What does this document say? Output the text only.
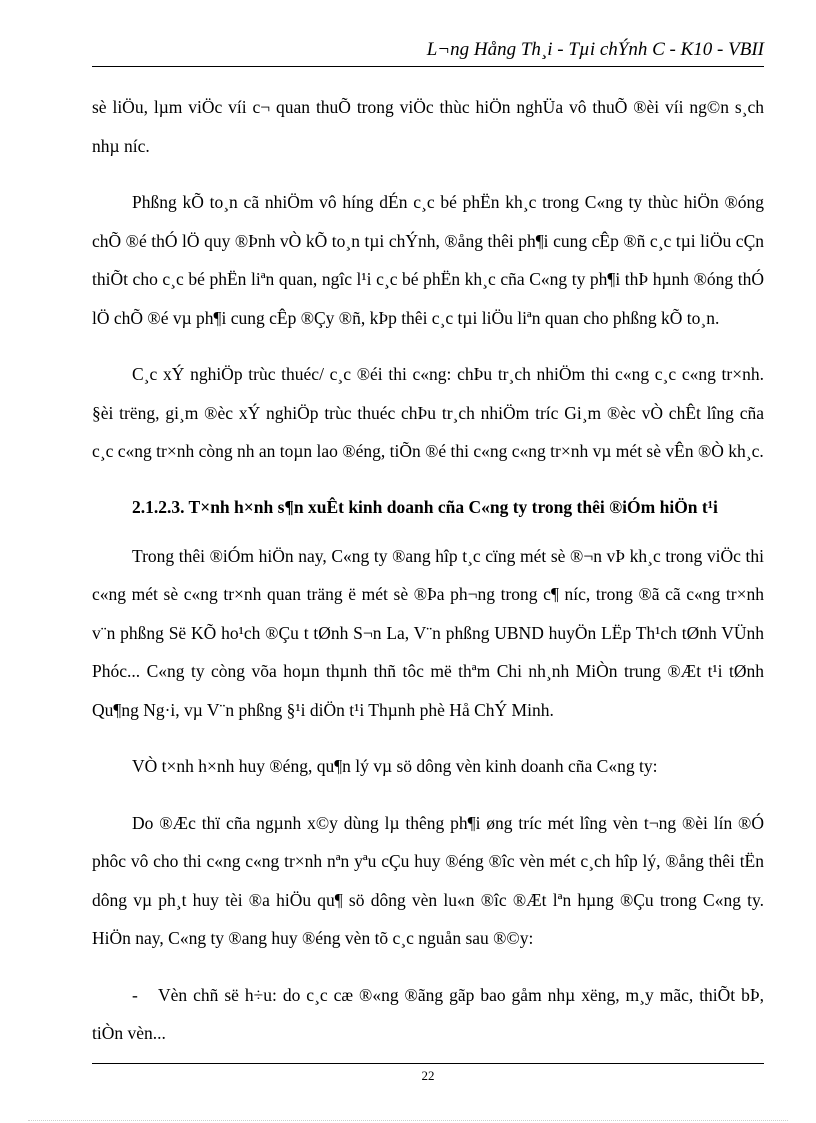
L¬ng Hång Th¸i - Tµi chÝnh C - K10 - VBII

sè liÖu, lµm viÖc víi c¬ quan thuÕ trong viÖc thùc hiÖn nghÜa vô thuÕ ®èi víi ng©n s¸ch nhµ níc.

Phßng kÕ to¸n cã nhiÖm vô híng dÉn c¸c bé phËn kh¸c trong C«ng ty thùc hiÖn ®óng chÕ ®é thÓ lÖ quy ®Þnh vÒ kÕ to¸n tµi chÝnh, ®ång thêi ph¶i cung cÊp ®ñ c¸c tµi liÖu cÇn thiÕt cho c¸c bé phËn liªn quan, ngîc l¹i c¸c bé phËn kh¸c cña C«ng ty ph¶i thÞ hµnh ®óng thÓ lÖ chÕ ®é vµ ph¶i cung cÊp ®Çy ®ñ, kÞp thêi c¸c tµi liÖu liªn quan cho phßng kÕ to¸n.

C¸c xÝ nghiÖp trùc thuéc/ c¸c ®éi thi c«ng: chÞu tr¸ch nhiÖm thi c«ng c¸c c«ng tr×nh. §èi trëng, gi¸m ®èc xÝ nghiÖp trùc thuéc chÞu tr¸ch nhiÖm tríc Gi¸m ®èc vÒ chÊt lîng cña c¸c c«ng tr×nh còng nh an toµn lao ®éng, tiÕn ®é thi c«ng c«ng tr×nh vµ mét sè vÊn ®Ò kh¸c.

2.1.2.3. T×nh h×nh s¶n xuÊt kinh doanh cña C«ng ty trong thêi ®iÓm hiÖn t¹i

Trong thêi ®iÓm hiÖn nay, C«ng ty ®ang hîp t¸c cïng mét sè ®¬n vÞ kh¸c trong viÖc thi c«ng mét sè c«ng tr×nh quan träng ë mét sè ®Þa ph¬ng trong c¶ níc, trong ®ã cã c«ng tr×nh v¨n phßng Së KÕ ho¹ch ®Çu t tØnh S¬n La, V¨n phßng UBND huyÖn LËp Th¹ch tØnh VÜnh Phóc... C«ng ty còng võa hoµn thµnh thñ tôc më thªm Chi nh¸nh MiÒn trung ®Æt t¹i tØnh Qu¶ng Ng·i, vµ V¨n phßng §¹i diÖn t¹i Thµnh phè Hå ChÝ Minh.

VÒ t×nh h×nh huy ®éng, qu¶n lý vµ sö dông vèn kinh doanh cña C«ng ty:

Do ®Æc thï cña ngµnh x©y dùng lµ thêng ph¶i øng tríc mét lîng vèn t¬ng ®èi lín ®Ó phôc vô cho thi c«ng c«ng tr×nh nªn yªu cÇu huy ®éng ®îc vèn mét c¸ch hîp lý, ®ång thêi tËn dông vµ ph¸t huy tèi ®a hiÖu qu¶ sö dông vèn lu«n ®îc ®Æt lªn hµng ®Çu trong C«ng ty. HiÖn nay, C«ng ty ®ang huy ®éng vèn tõ c¸c nguån sau ®©y:

- Vèn chñ së h÷u: do c¸c cæ ®«ng ®ãng gãp bao gåm nhµ xëng, m¸y mãc, thiÕt bÞ, tiÒn vèn...

22
